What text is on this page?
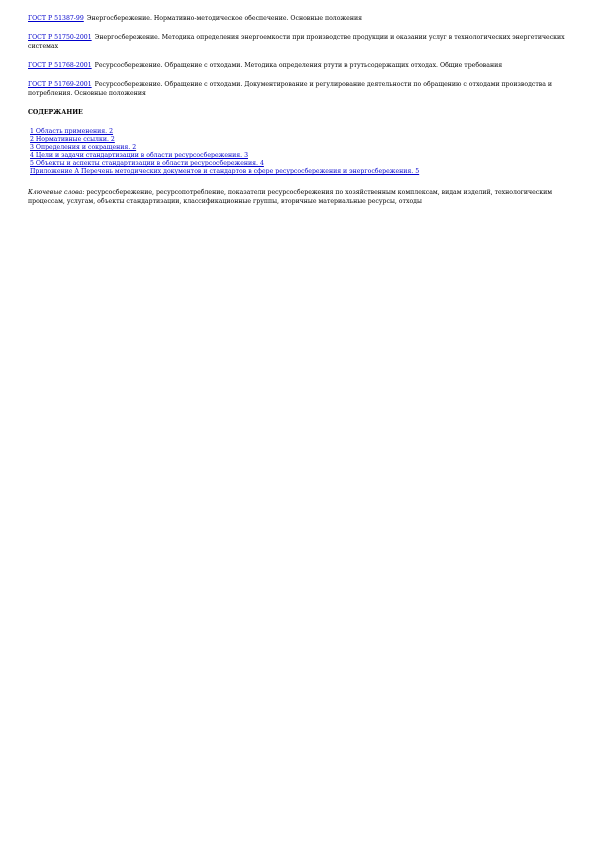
ГОСТ Р 51387-99 Энергосбережение. Нормативно-методическое обеспечение. Основные положения

ГОСТ Р 51750-2001 Энергосбережение. Методика определения энергоемкости при производстве продукции и оказании услуг в технологических энергетических системах

ГОСТ Р 51768-2001 Ресурсосбережение. Обращение с отходами. Методика определения ртути в ртутьсодержащих отходах. Общие требования

ГОСТ Р 51769-2001 Ресурсосбережение. Обращение с отходами. Документирование и регулирование деятельности по обращению с отходами производства и потребления. Основные положения

СОДЕРЖАНИЕ
1 Область применения. 2
2 Нормативные ссылки. 2
3 Определения и сокращения. 2
4 Цели и задачи стандартизации в области ресурсосбережения. 3
5 Объекты и аспекты стандартизации в области ресурсосбережения. 4
Приложение А Перечень методических документов и стандартов в сфере ресурсосбережения и энергосбережения. 5

Ключевые слова: ресурсосбережение, ресурсопотребление, показатели ресурсосбережения по хозяйственным комплексам, видам изделий, технологическим процессам, услугам, объекты стандартизации, классификационные группы, вторичные материальные ресурсы, отходы
